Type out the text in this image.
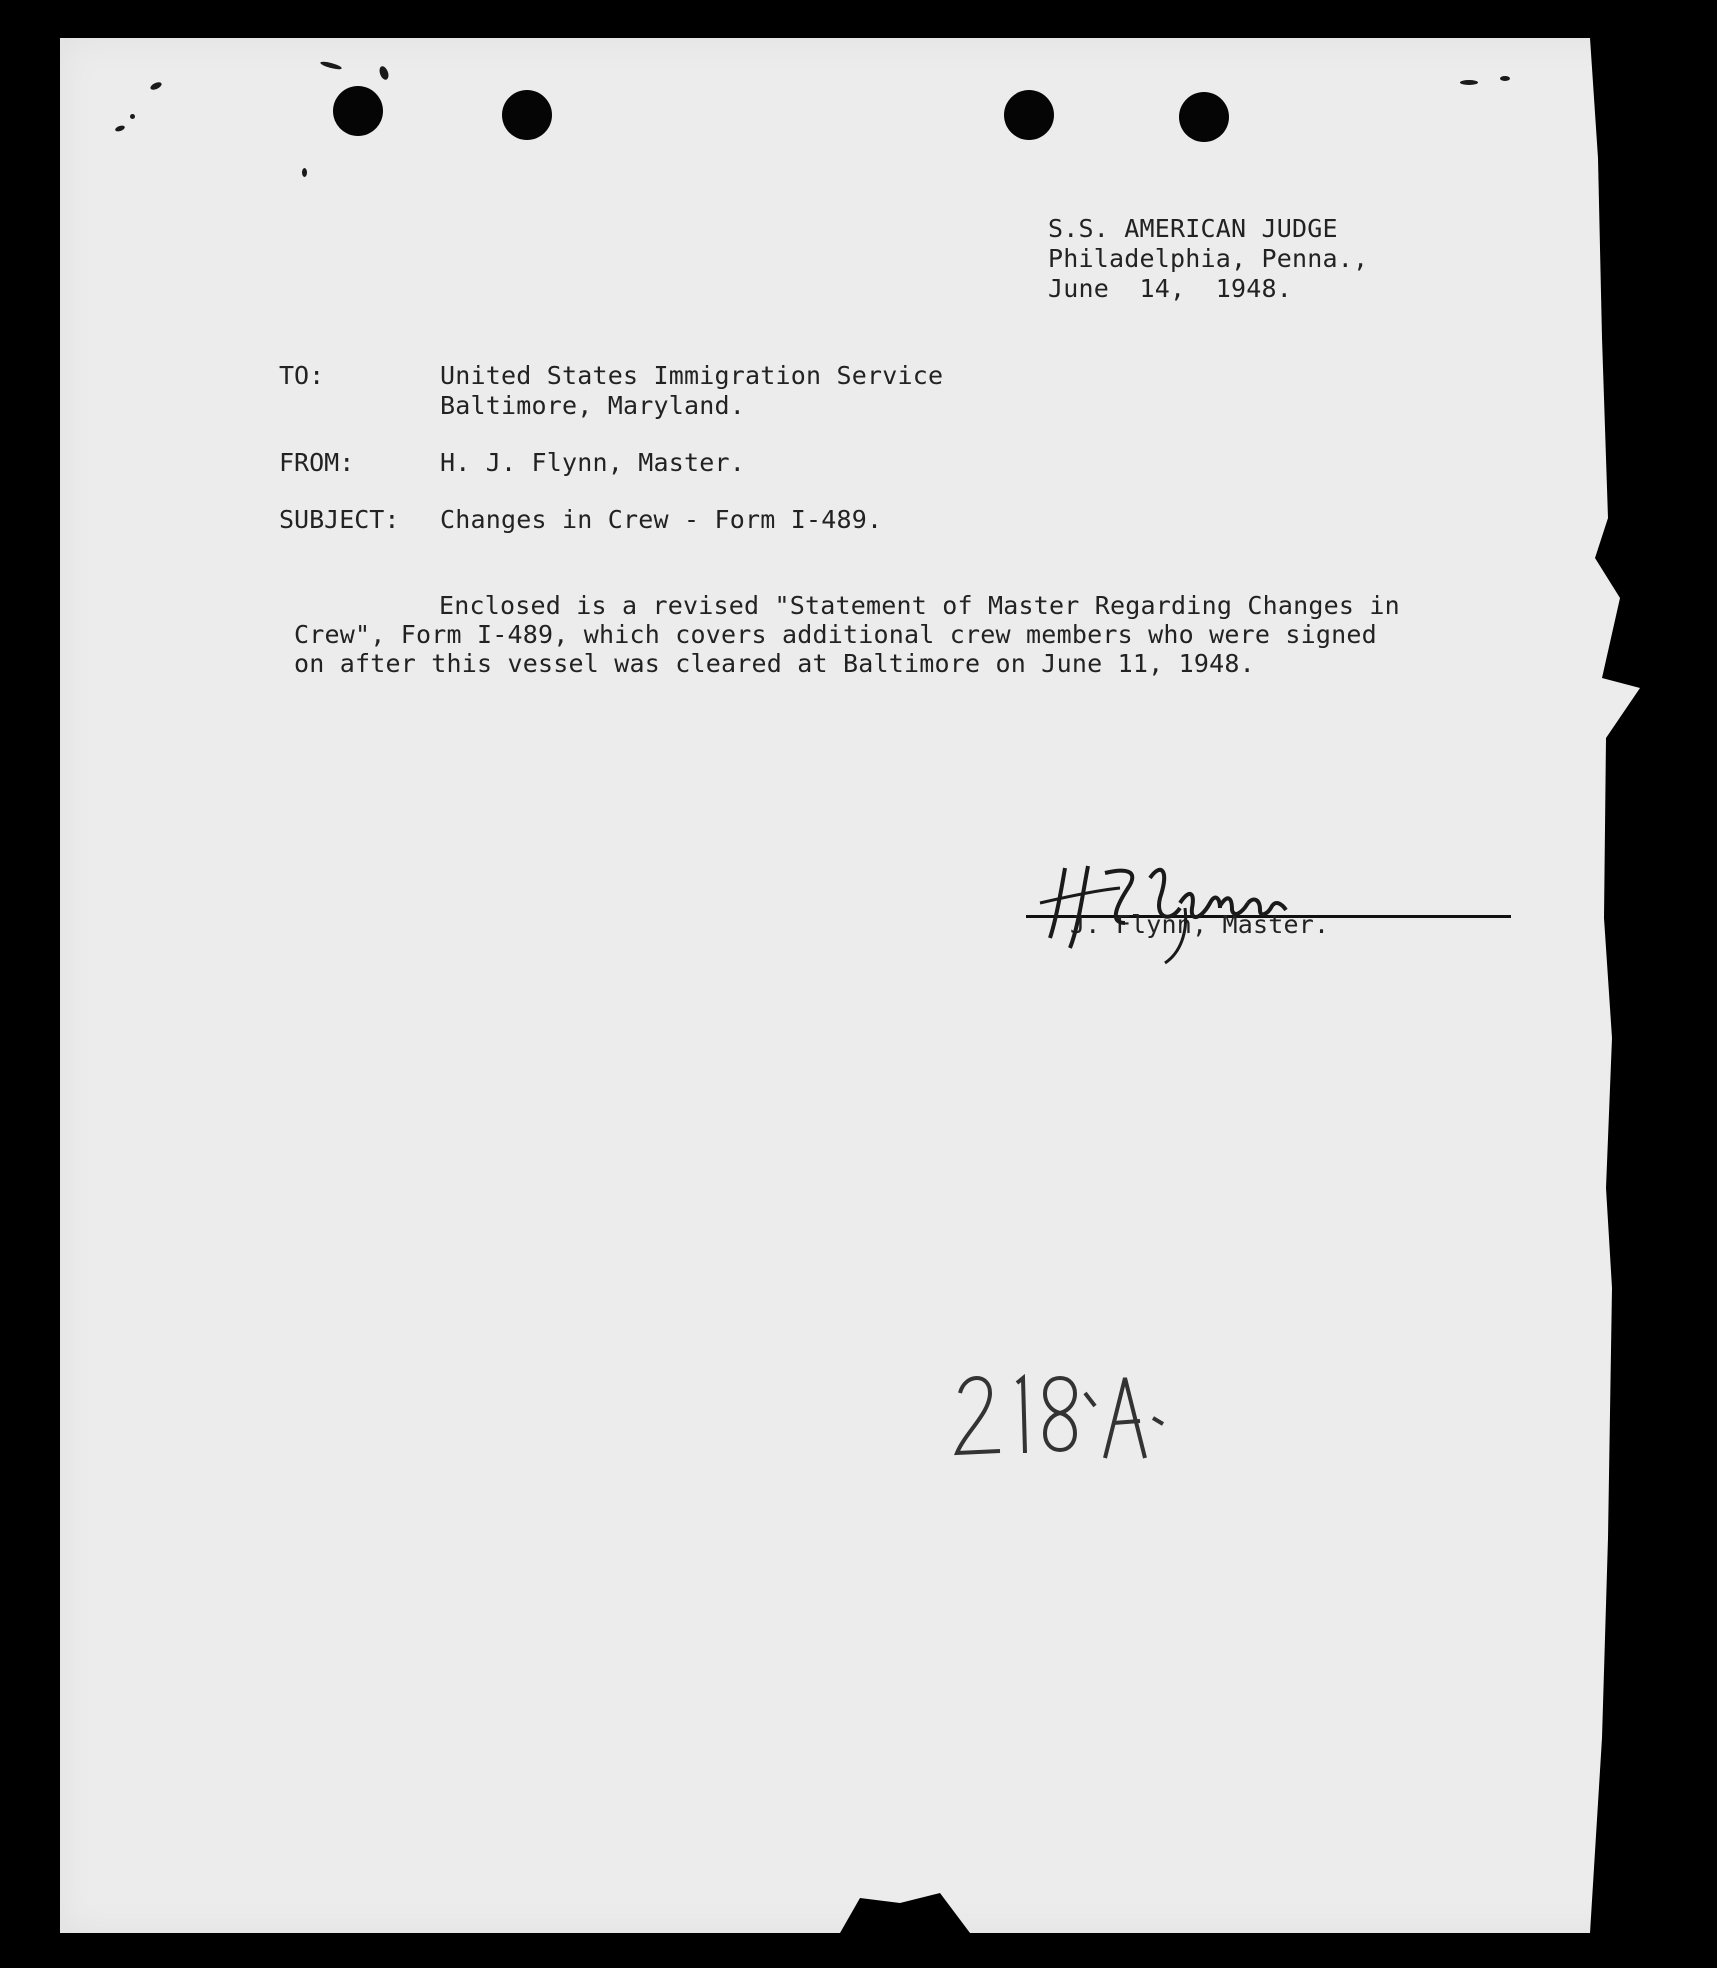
S.S. AMERICAN JUDGE
Philadelphia, Penna.,
June  14,  1948.
TO:	United States Immigration Service
Baltimore, Maryland.
FROM:	H. J. Flynn, Master.
SUBJECT: Changes in Crew - Form I-489.
Enclosed is a revised "Statement of Master Regarding Changes in
Crew", Form I-489, which covers additional crew members who were signed
on after this vessel was cleared at Baltimore on June 11, 1948.
J. Flynn, Master.
